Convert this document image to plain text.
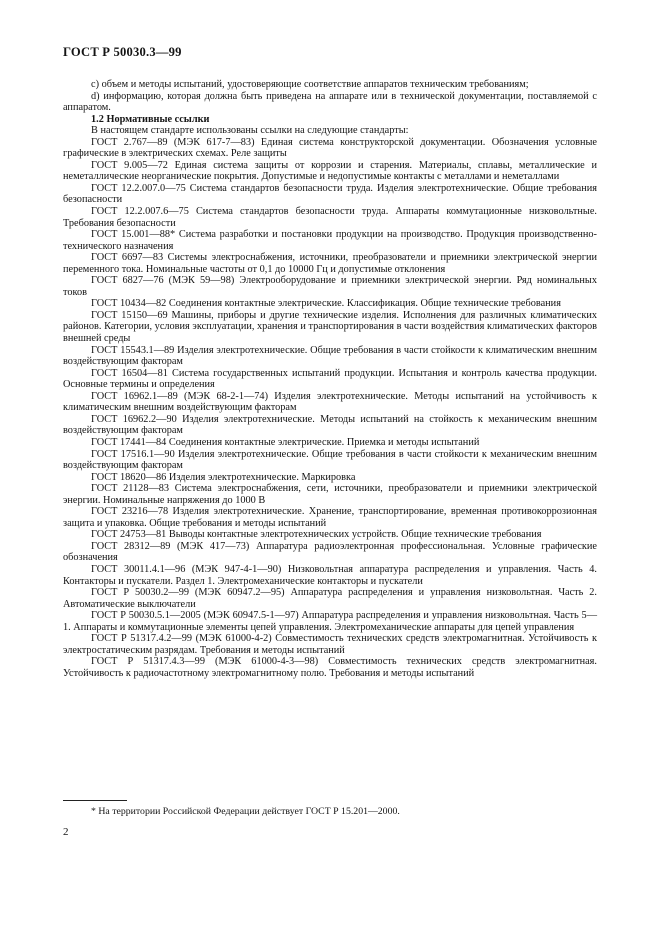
ГОСТ Р 50030.3—99

c) объем и методы испытаний, удостоверяющие соответствие аппаратов техническим требованиям;

d) информацию, которая должна быть приведена на аппарате или в технической документации, поставляемой с аппаратом.

1.2 Нормативные ссылки

В настоящем стандарте использованы ссылки на следующие стандарты:

ГОСТ 2.767—89 (МЭК 617-7—83) Единая система конструкторской документации. Обозначения условные графические в электрических схемах. Реле защиты

ГОСТ 9.005—72 Единая система защиты от коррозии и старения. Материалы, сплавы, металлические и неметаллические неорганические покрытия. Допустимые и недопустимые контакты с металлами и неметаллами

ГОСТ 12.2.007.0—75 Система стандартов безопасности труда. Изделия электротехнические. Общие требования безопасности

ГОСТ 12.2.007.6—75 Система стандартов безопасности труда. Аппараты коммутационные низковольтные. Требования безопасности

ГОСТ 15.001—88* Система разработки и постановки продукции на производство. Продукция производственно-технического назначения

ГОСТ 6697—83 Системы электроснабжения, источники, преобразователи и приемники электрической энергии переменного тока. Номинальные частоты от 0,1 до 10000 Гц и допустимые отклонения

ГОСТ 6827—76 (МЭК 59—98) Электрооборудование и приемники электрической энергии. Ряд номинальных токов

ГОСТ 10434—82 Соединения контактные электрические. Классификация. Общие технические требования

ГОСТ 15150—69 Машины, приборы и другие технические изделия. Исполнения для различных климатических районов. Категории, условия эксплуатации, хранения и транспортирования в части воздействия климатических факторов внешней среды

ГОСТ 15543.1—89 Изделия электротехнические. Общие требования в части стойкости к климатическим внешним воздействующим факторам

ГОСТ 16504—81 Система государственных испытаний продукции. Испытания и контроль качества продукции. Основные термины и определения

ГОСТ 16962.1—89 (МЭК 68-2-1—74) Изделия электротехнические. Методы испытаний на устойчивость к климатическим внешним воздействующим факторам

ГОСТ 16962.2—90 Изделия электротехнические. Методы испытаний на стойкость к механическим внешним воздействующим факторам

ГОСТ 17441—84 Соединения контактные электрические. Приемка и методы испытаний

ГОСТ 17516.1—90 Изделия электротехнические. Общие требования в части стойкости к механическим внешним воздействующим факторам

ГОСТ 18620—86 Изделия электротехнические. Маркировка

ГОСТ 21128—83 Система электроснабжения, сети, источники, преобразователи и приемники электрической энергии. Номинальные напряжения до 1000 В

ГОСТ 23216—78 Изделия электротехнические. Хранение, транспортирование, временная противокоррозионная защита и упаковка. Общие требования и методы испытаний

ГОСТ 24753—81 Выводы контактные электротехнических устройств. Общие технические требования

ГОСТ 28312—89 (МЭК 417—73) Аппаратура радиоэлектронная профессиональная. Условные графические обозначения

ГОСТ 30011.4.1—96 (МЭК 947-4-1—90) Низковольтная аппаратура распределения и управления. Часть 4. Контакторы и пускатели. Раздел 1. Электромеханические контакторы и пускатели

ГОСТ Р 50030.2—99 (МЭК 60947.2—95) Аппаратура распределения и управления низковольтная. Часть 2. Автоматические выключатели

ГОСТ Р 50030.5.1—2005 (МЭК 60947.5-1—97) Аппаратура распределения и управления низковольтная. Часть 5—1. Аппараты и коммутационные элементы цепей управления. Электромеханические аппараты для цепей управления

ГОСТ Р 51317.4.2—99 (МЭК 61000-4-2) Совместимость технических средств электромагнитная. Устойчивость к электростатическим разрядам. Требования и методы испытаний

ГОСТ Р 51317.4.3—99 (МЭК 61000-4-3—98) Совместимость технических средств электромагнитная. Устойчивость к радиочастотному электромагнитному полю. Требования и методы испытаний

* На территории Российской Федерации действует ГОСТ Р 15.201—2000.
2
